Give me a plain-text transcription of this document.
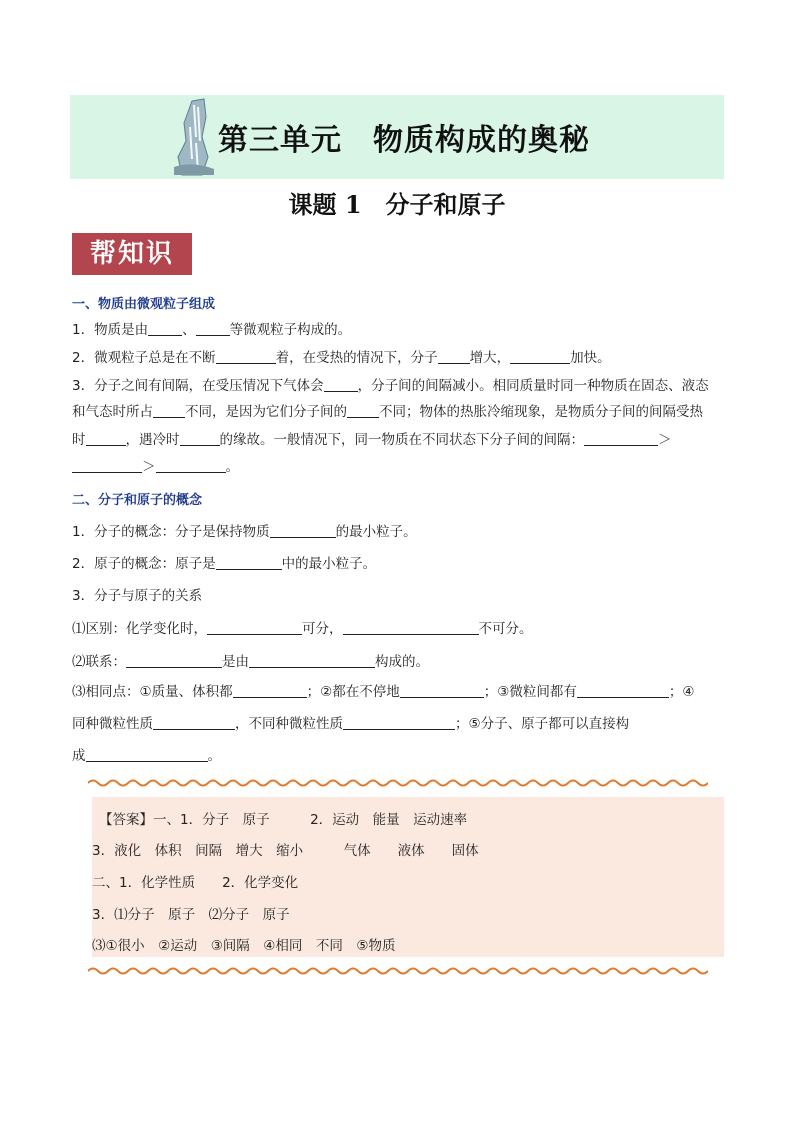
第三单元　物质构成的奥秘
课题 1　分子和原子
帮知识
一、物质由微观粒子组成
1．物质是由	、	等微观粒子构成的。
2．微观粒子总是在不断	着，在受热的情况下，分子 增大，	加快。
3．分子之间有间隔，在受压情况下气体会	，分子间的间隔减小。相同质量时同一种物质在固态、液态
和气态时所占 不同，是因为它们分子间的 不同；物体的热胀冷缩现象，是物质分子间的间隔受热
时	，遇冷时	的缘故。一般情况下，同一物质在不同状态下分子间的间隔：	＞
＞	。
二、分子和原子的概念
1．分子的概念：分子是保持物质	的最小粒子。
2．原子的概念：原子是	中的最小粒子。
3．分子与原子的关系
⑴区别：化学变化时，	可分，	不可分。
⑵联系：	是由	构成的。
⑶相同点：①质量、体积都	；②都在不停地	；③微粒间都有	；④
同种微粒性质	，不同种微粒性质	；⑤分子、原子都可以直接构
成	。
【答案】一、1．分子　原子　　　2．运动　能量　运动速率
3．液化　体积　间隔　增大　缩小　　　气体　　液体　　固体
二、1．化学性质　　2．化学变化
3．⑴分子　原子　⑵分子　原子
⑶①很小　②运动　③间隔　④相同　不同　⑤物质
